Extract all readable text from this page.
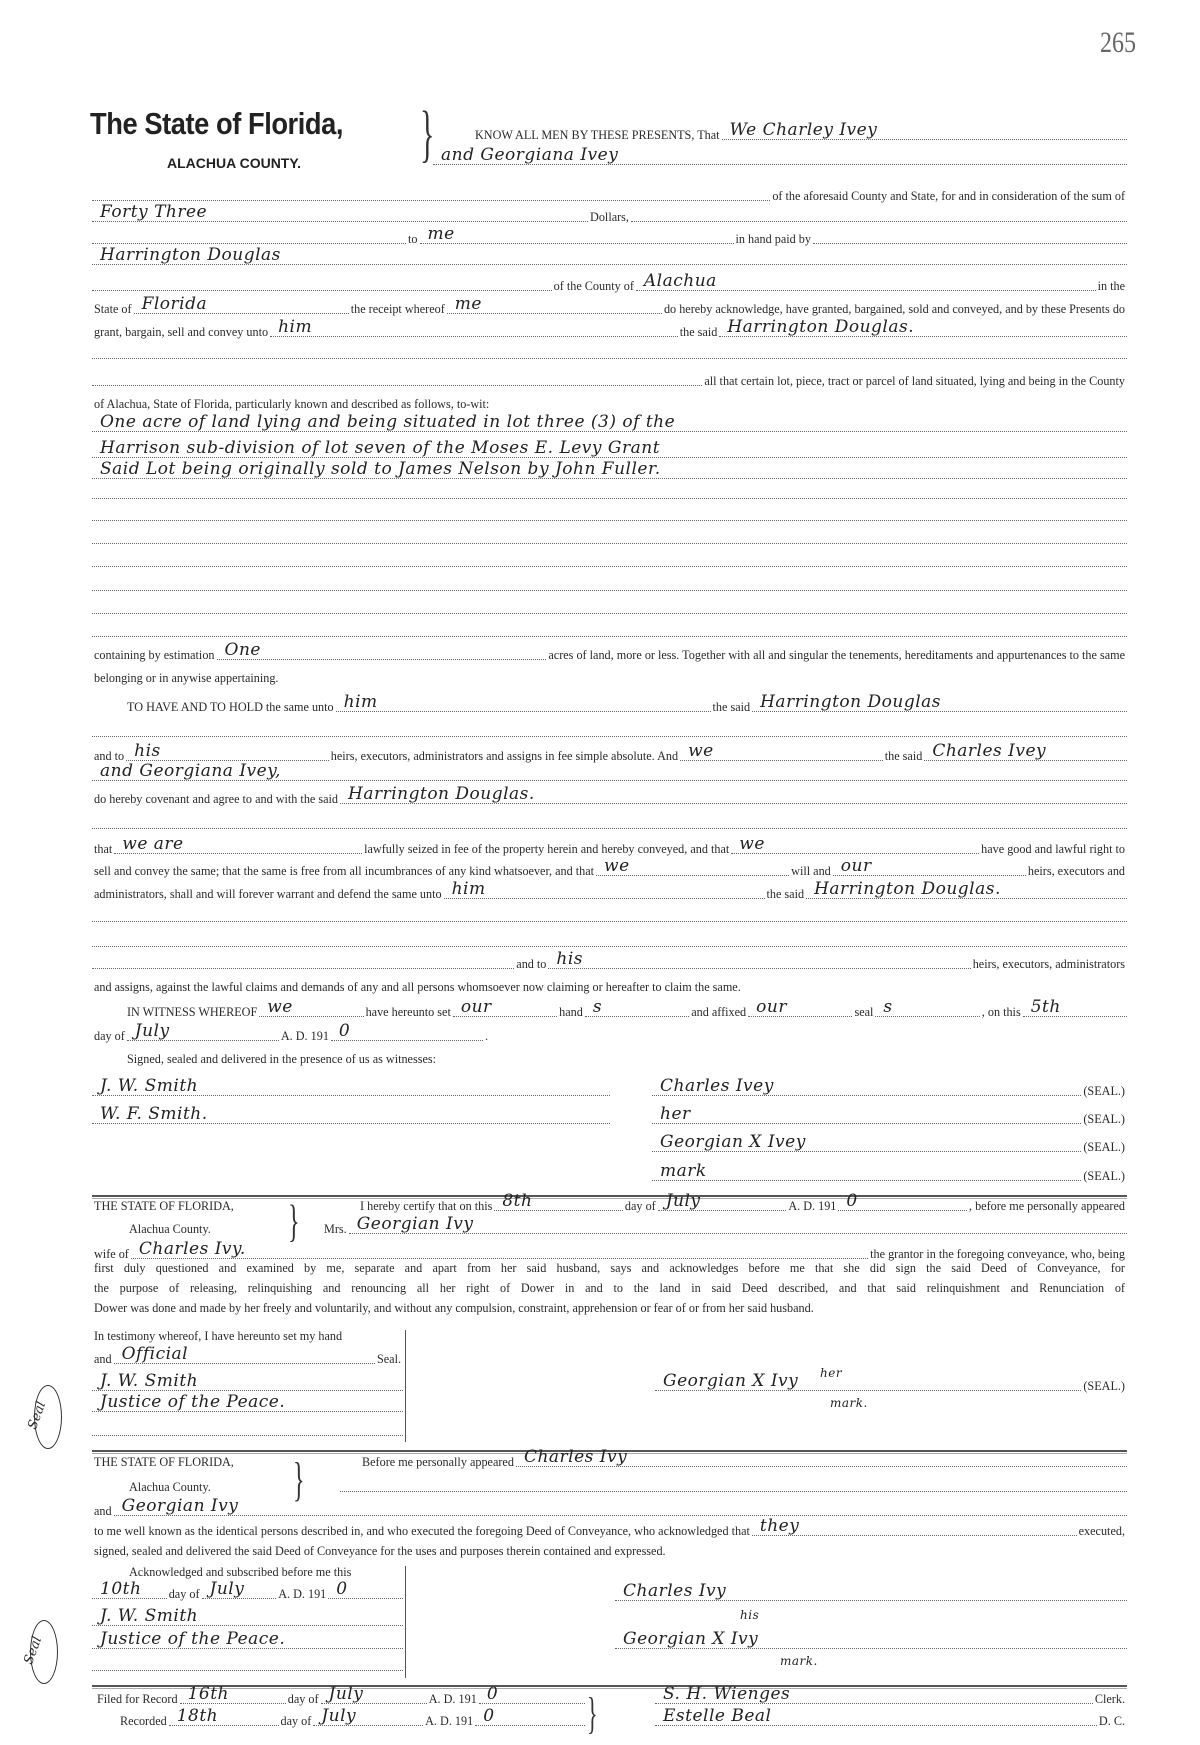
265
The State of Florida,
ALACHUA COUNTY.	}
}
}
}
Seal
Seal
KNOW ALL MEN BY THESE PRESENTS, That We Charley Ivey
and Georgiana Ivey
of the aforesaid County and State, for and in consideration of the sum of
Forty Three	Dollars,
to me	in hand paid by
Harrington Douglas
of the County of Alachua	in the
State of Florida	the receipt whereof me	do hereby acknowledge, have granted, bargained, sold and conveyed, and by these Presents do
grant, bargain, sell and convey unto him	the said Harrington Douglas.
all that certain lot, piece, tract or parcel of land situated, lying and being in the County
of Alachua, State of Florida, particularly known and described as follows, to-wit:
One acre of land lying and being situated in lot three (3) of the
Harrison sub-division of lot seven of the Moses E. Levy Grant
Said Lot being originally sold to James Nelson by John Fuller.
containing by estimation One	acres of land, more or less. Together with all and singular the tenements, hereditaments and appurtenances to the same
belonging or in anywise appertaining.
TO HAVE AND TO HOLD the same unto him	the said Harrington Douglas
and to his	heirs, executors, administrators and assigns in fee simple absolute. And we	the said Charles Ivey
and Georgiana Ivey,
do hereby covenant and agree to and with the said Harrington Douglas.
that we are	lawfully seized in fee of the property herein and hereby conveyed, and that we	have good and lawful right to
sell and convey the same; that the same is free from all incumbrances of any kind whatsoever, and that we	will and our	heirs, executors and
administrators, shall and will forever warrant and defend the same unto him	the said Harrington Douglas.
and to his	heirs, executors, administrators
and assigns, against the lawful claims and demands of any and all persons whomsoever now claiming or hereafter to claim the same.
IN WITNESS WHEREOF we	have hereunto set our	hand s	and affixed our	seal s	, on this 5th
day of July	A. D. 191 0	.
Signed, sealed and delivered in the presence of us as witnesses:
J. W. Smith
W. F. Smith.
Charles Ivey	(SEAL.)
her	(SEAL.)
Georgian X Ivey	(SEAL.)
mark	(SEAL.)
THE STATE OF FLORIDA,
Alachua County.
I hereby certify that on this 8th	day of July	A. D. 191 0	, before me personally appeared
Mrs. Georgian Ivy
wife of Charles Ivy.	the grantor in the foregoing conveyance, who, being
first duly questioned and examined by me, separate and apart from her said husband, says and acknowledges before me that she did sign the said Deed of Conveyance, for
the purpose of releasing, relinquishing and renouncing all her right of Dower in and to the land in said Deed described, and that said relinquishment and Renunciation of
Dower was done and made by her freely and voluntarily, and without any compulsion, constraint, apprehension or fear of or from her said husband.
In testimony whereof, I have hereunto set my hand
and Official	Seal.
J. W. Smith
Justice of the Peace.
Georgian X Ivy	(SEAL.)
her
mark.
THE STATE OF FLORIDA,
Alachua County.
Before me personally appeared Charles Ivy
and Georgian Ivy
to me well known as the identical persons described in, and who executed the foregoing Deed of Conveyance, who acknowledged that they	executed,
signed, sealed and delivered the said Deed of Conveyance for the uses and purposes therein contained and expressed.
Acknowledged and subscribed before me this
10th day of July	A. D. 191 0
J. W. Smith
Justice of the Peace.
Charles Ivy
his
Georgian X Ivy
mark.
Filed for Record 16th	day of July	A. D. 191 0
Recorded 18th	day of July	A. D. 191 0
S. H. Wienges	Clerk.
Estelle Beal	D. C.
